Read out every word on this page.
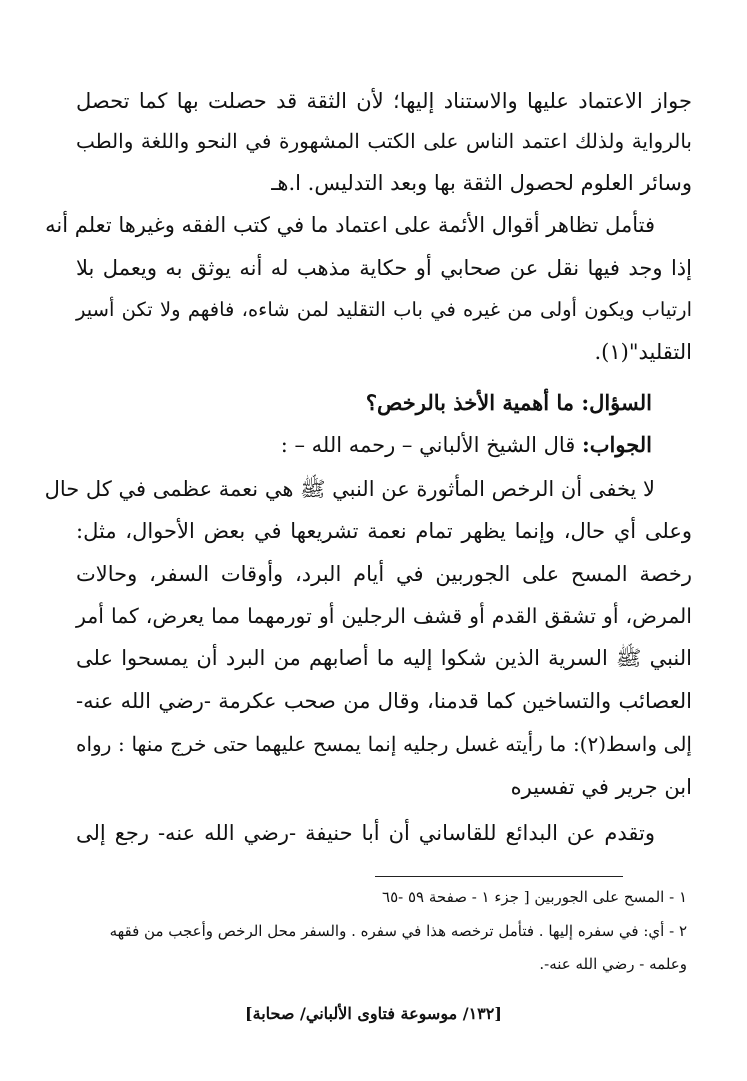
جواز الاعتماد عليها والاستناد إليها؛ لأن الثقة قد حصلت بها كما تحصل
بالرواية ولذلك اعتمد الناس على الكتب المشهورة في النحو واللغة والطب
وسائر العلوم لحصول الثقة بها وبعد التدليس. ا.هـ
فتأمل تظاهر أقوال الأئمة على اعتماد ما في كتب الفقه وغيرها تعلم أنه
إذا وجد فيها نقل عن صحابي أو حكاية مذهب له أنه يوثق به ويعمل بلا
ارتياب ويكون أولى من غيره في باب التقليد لمن شاءه، فافهم ولا تكن أسير
التقليد"(١).
السؤال: ما أهمية الأخذ بالرخص؟
الجواب: قال الشيخ الألباني – رحمه الله – :
لا يخفى أن الرخص المأثورة عن النبي ﷺ هي نعمة عظمى في كل حال
وعلى أي حال، وإنما يظهر تمام نعمة تشريعها في بعض الأحوال، مثل:
رخصة المسح على الجوربين في أيام البرد، وأوقات السفر، وحالات
المرض، أو تشقق القدم أو قشف الرجلين أو تورمهما مما يعرض، كما أمر
النبي ﷺ السرية الذين شكوا إليه ما أصابهم من البرد أن يمسحوا على
العصائب والتساخين كما قدمنا، وقال من صحب عكرمة -رضي الله عنه-
إلى واسط(٢): ما رأيته غسل رجليه إنما يمسح عليهما حتى خرج منها : رواه
ابن جرير في تفسيره
وتقدم عن البدائع للقاساني أن أبا حنيفة -رضي الله عنه- رجع إلى
١ - المسح على الجوربين [ جزء ١ - صفحة ٥٩ -٦٥
٢ - أي: في سفره إليها . فتأمل ترخصه هذا في سفره . والسفر محل الرخص وأعجب من فقهه
وعلمه - رضي الله عنه-.
[١٣٢/ موسوعة فتاوى الألباني/ صحابة]
